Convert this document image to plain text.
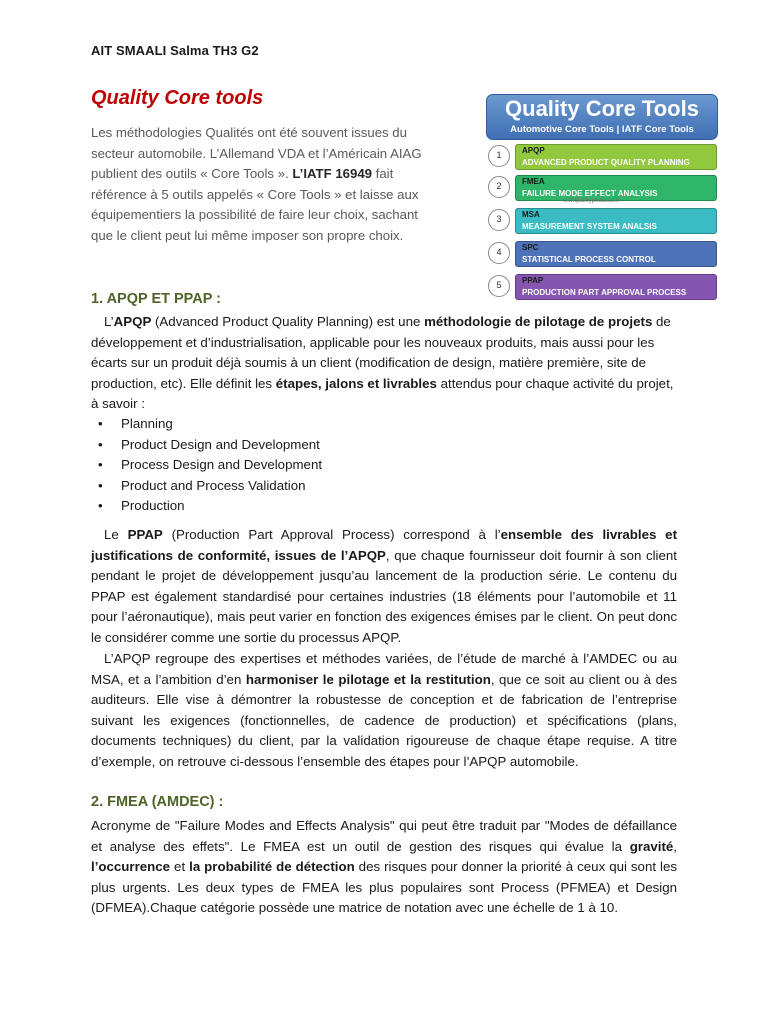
AIT SMAALI Salma TH3 G2
Quality Core tools
Les méthodologies Qualités ont été souvent issues du secteur automobile. L’Allemand VDA et l’Américain AIAG publient des outils « Core Tools ». L’IATF 16949 fait référence à 5 outils appelés « Core Tools » et laisse aux équipementiers la possibilité de faire leur choix, sachant que le client peut lui même imposer son propre choix.
Quality Core Tools
Automotive Core Tools | IATF Core Tools
1	APQP
ADVANCED PRODUCT QUALITY PLANNING
2	FMEA
FAILURE MODE EFFECT ANALYSIS
3	MSA
MEASUREMENT SYSTEM ANALSIS
4	SPC
STATISTICAL PROCESS CONTROL
5	PPAP
PRODUCTION PART APPROVAL PROCESS
techqualitypedia.com
1. APQP ET PPAP :
L’APQP (Advanced Product Quality Planning) est une méthodologie de pilotage de projets de développement et d’industrialisation, applicable pour les nouveaux produits, mais aussi pour les écarts sur un produit déjà soumis à un client (modification de design, matière première, site de production, etc). Elle définit les étapes, jalons et livrables attendus pour chaque activité du projet, à savoir :
• Planning
• Product Design and Development
• Process Design and Development
• Product and Process Validation
• Production
Le PPAP (Production Part Approval Process) correspond à l’ensemble des livrables et justifications de conformité, issues de l’APQP, que chaque fournisseur doit fournir à son client pendant le projet de développement jusqu’au lancement de la production série. Le contenu du PPAP est également standardisé pour certaines industries (18 éléments pour l’automobile et 11 pour l’aéronautique), mais peut varier en fonction des exigences émises par le client. On peut donc le considérer comme une sortie du processus APQP.
L’APQP regroupe des expertises et méthodes variées, de l’étude de marché à l’AMDEC ou au MSA, et a l’ambition d’en harmoniser le pilotage et la restitution, que ce soit au client ou à des auditeurs. Elle vise à démontrer la robustesse de conception et de fabrication de l’entreprise suivant les exigences (fonctionnelles, de cadence de production) et spécifications (plans, documents techniques) du client, par la validation rigoureuse de chaque étape requise. A titre d’exemple, on retrouve ci-dessous l’ensemble des étapes pour l’APQP automobile.
2. FMEA (AMDEC) :
Acronyme de "Failure Modes and Effects Analysis" qui peut être traduit par "Modes de défaillance et analyse des effets". Le FMEA est un outil de gestion des risques qui évalue la gravité, l’occurrence et la probabilité de détection des risques pour donner la priorité à ceux qui sont les plus urgents. Les deux types de FMEA les plus populaires sont Process (PFMEA) et Design (DFMEA).Chaque catégorie possède une matrice de notation avec une échelle de 1 à 10.
